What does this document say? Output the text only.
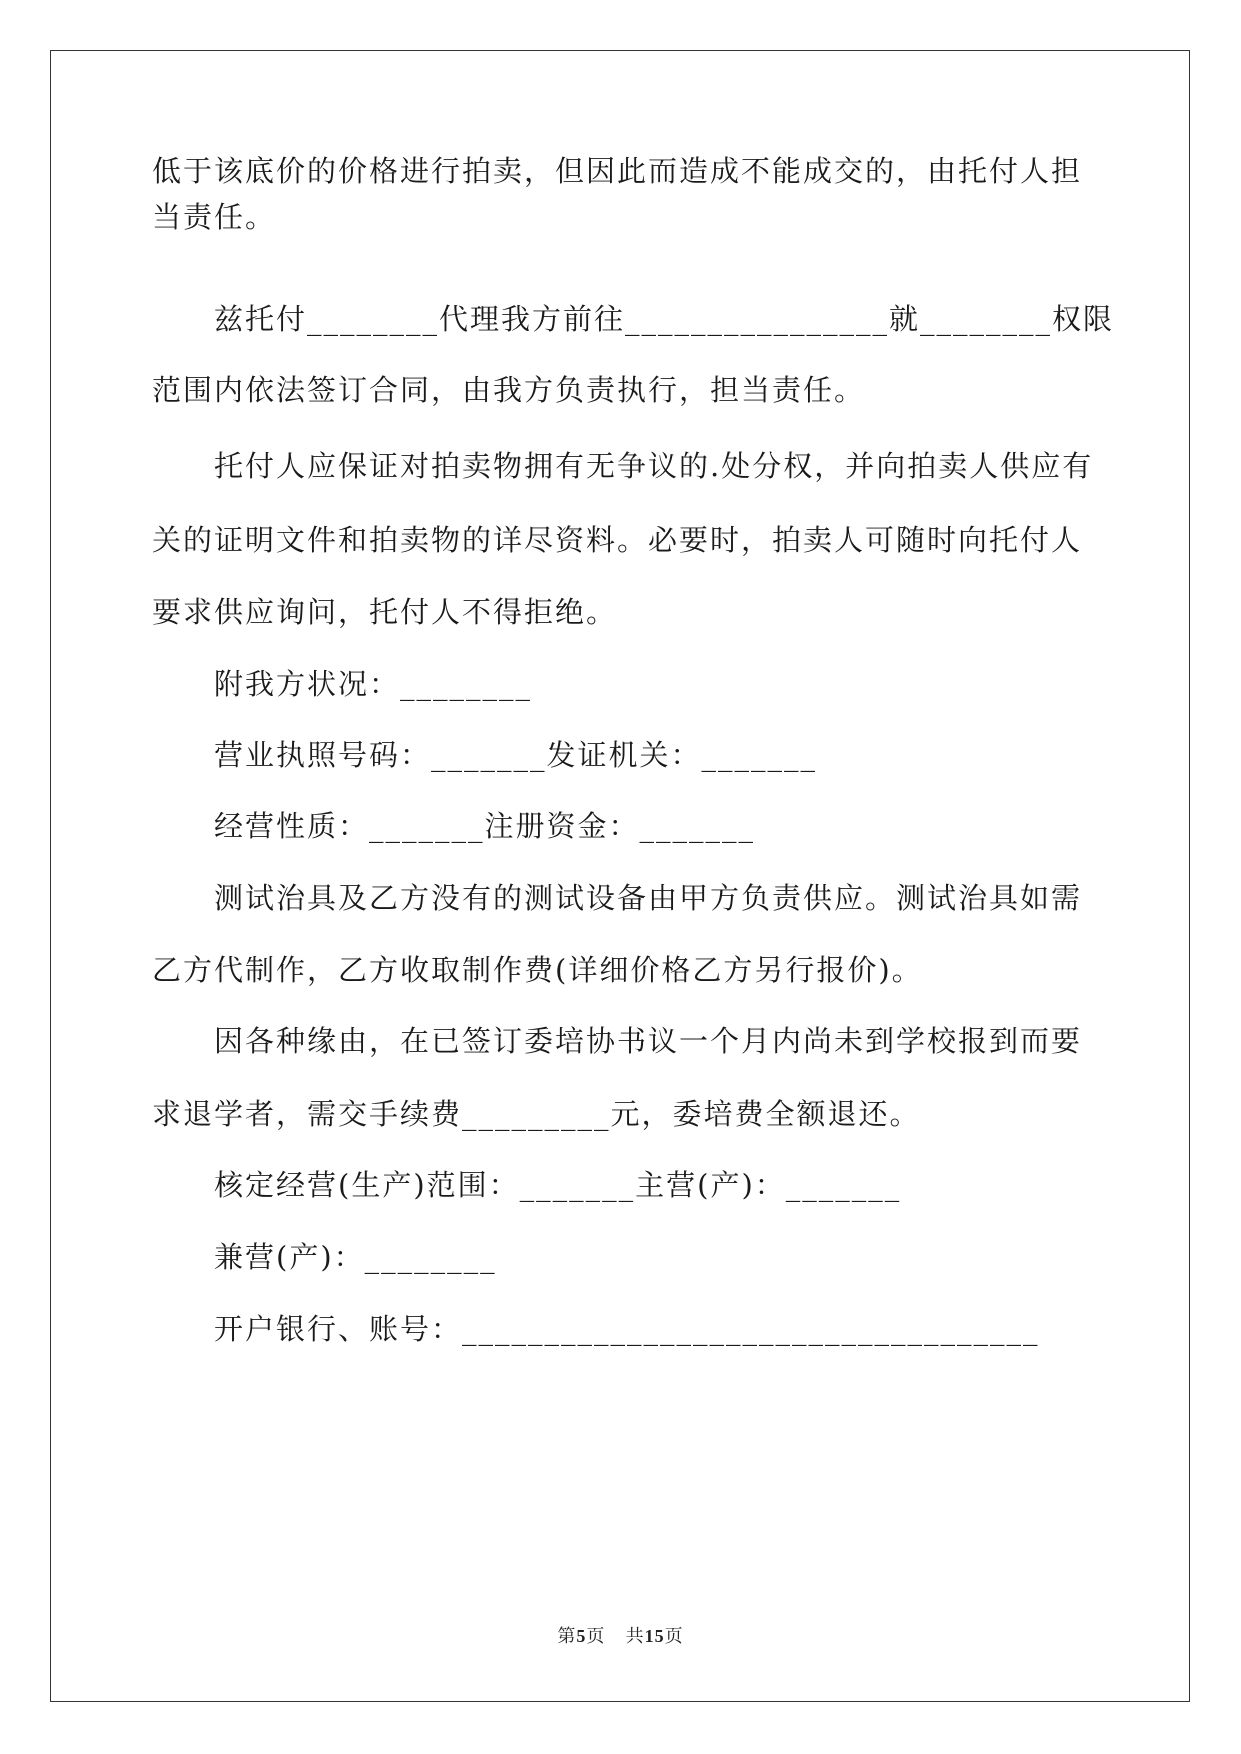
低于该底价的价格进行拍卖，但因此而造成不能成交的，由托付人担
当责任。
兹托付________代理我方前往________________就________权限
范围内依法签订合同，由我方负责执行，担当责任。
托付人应保证对拍卖物拥有无争议的.处分权，并向拍卖人供应有
关的证明文件和拍卖物的详尽资料。必要时，拍卖人可随时向托付人
要求供应询问，托付人不得拒绝。
附我方状况：________
营业执照号码：_______发证机关：_______
经营性质：_______注册资金：_______
测试治具及乙方没有的测试设备由甲方负责供应。测试治具如需
乙方代制作，乙方收取制作费(详细价格乙方另行报价)。
因各种缘由，在已签订委培协书议一个月内尚未到学校报到而要
求退学者，需交手续费_________元，委培费全额退还。
核定经营(生产)范围：_______主营(产)：_______
兼营(产)：________
开户银行、账号：___________________________________
第5页 共15页
